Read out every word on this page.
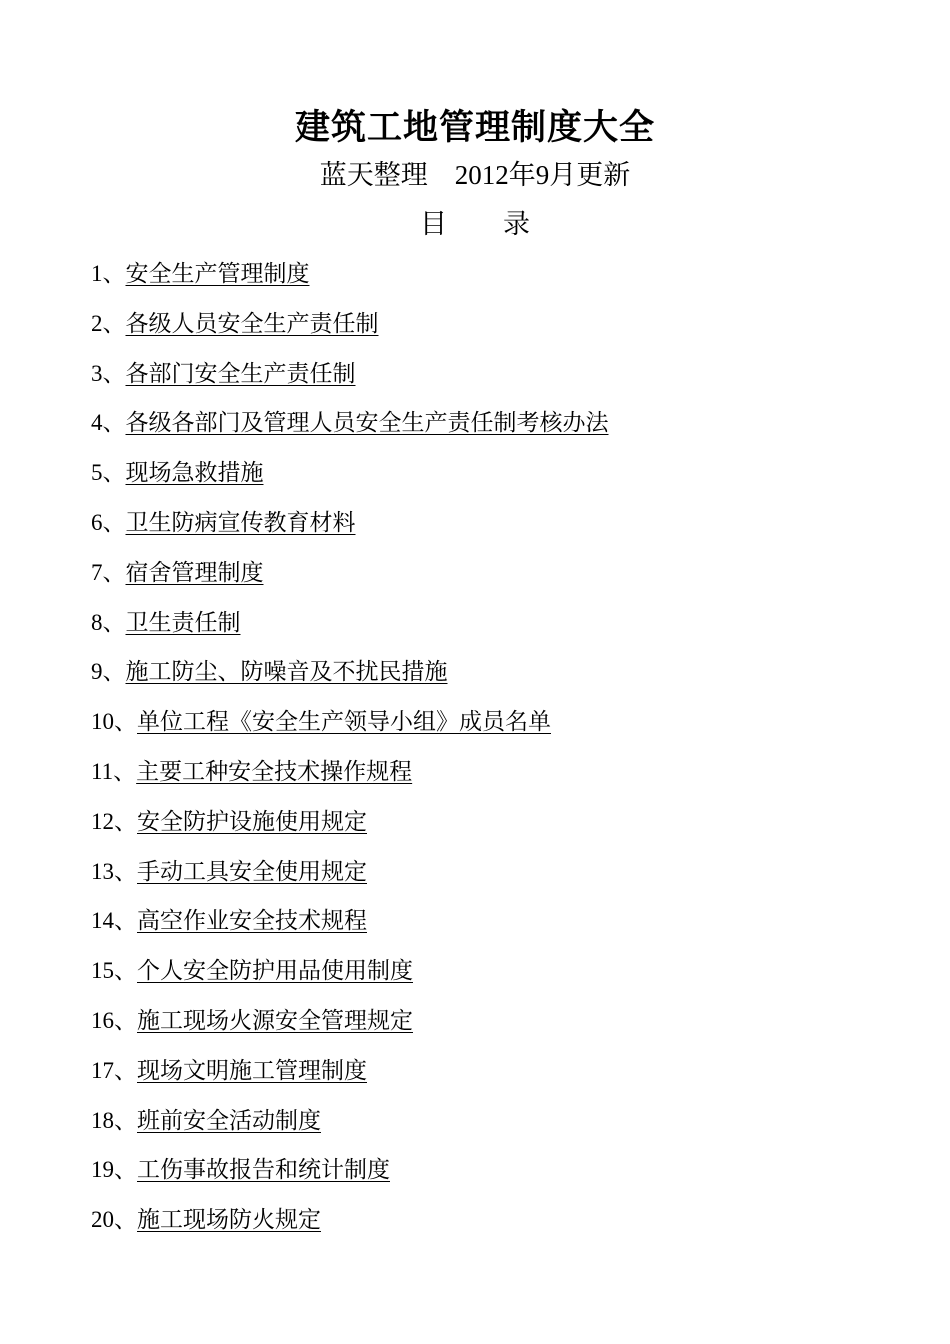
建筑工地管理制度大全
蓝天整理　2012年9月更新
目 录
1、安全生产管理制度
2、各级人员安全生产责任制
3、各部门安全生产责任制
4、各级各部门及管理人员安全生产责任制考核办法
5、现场急救措施
6、卫生防病宣传教育材料
7、宿舍管理制度
8、卫生责任制
9、施工防尘、防噪音及不扰民措施
10、单位工程《安全生产领导小组》成员名单
11、主要工种安全技术操作规程
12、安全防护设施使用规定
13、手动工具安全使用规定
14、高空作业安全技术规程
15、个人安全防护用品使用制度
16、施工现场火源安全管理规定
17、现场文明施工管理制度
18、班前安全活动制度
19、工伤事故报告和统计制度
20、施工现场防火规定
